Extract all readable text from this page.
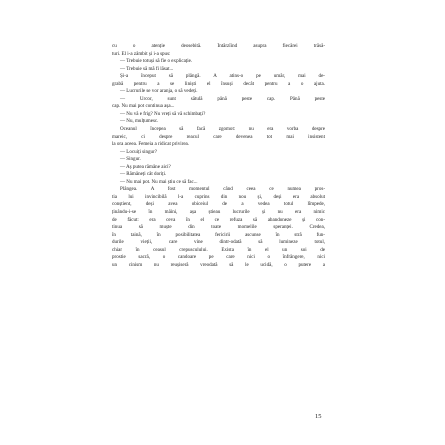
cu o atenție deosebită. Întărzîind asupra fiecărei trăsă-
turi. El i-a zâmbit și i-a spus:
— Trebuie totuși să fie o explicație.
— Trebuie să mă fi lăsat...
Și-a început să plângă. A atins-o pe umăr, mai de-
grabă pentru a se liniști el însuși decât pentru a o ajuta.
— Lucrurile se vor aranja, o să vedeți.
— Urcor, sunt sătulă până peste cap. Până peste
cap. Nu mai pot continua așa...
— Nu vă e frig? Nu vreți să vă schimbați?
— Nu, mulțumesc.
Oceanul începea să facă zgomot: nu era vorba despre
mareic, ci despre reacul care devenea tot mai insistent
la ora aceea. Femeia a ridicat privirea.
— Locuiți singur?
— Singur.
— Aș putea rămâne aici?
— Rămâneți cât doriți.
— Nu mai pot. Nu mai știu ce să fac...
Plângea. A fost momentul când ceea ce numea pros-
tia lui invincibilă l-a cuprins din nou și, deși era absolut
conștient, deși avea obiceiul de a vedea totul lîmpede,
ținându-i-se în mâini, așa știeau lucrurile și nu era nimic
de făcut: era ceva în el ce refuza să abandoneze și con-
tinua să muște din toate momelile speranței. Credea,
în taină, în posibilitatea fericirii ascunse în stră fun-
durile vieții, care vine dintr-odată să lumineze totul,
chiar în ceasul crepusculului. Exista în el un soi de
prostie sacră, o candoare pe care nici o înfrângere, nici
un cinism nu reușiseră vreodată să le ucidă, o putere a
15
